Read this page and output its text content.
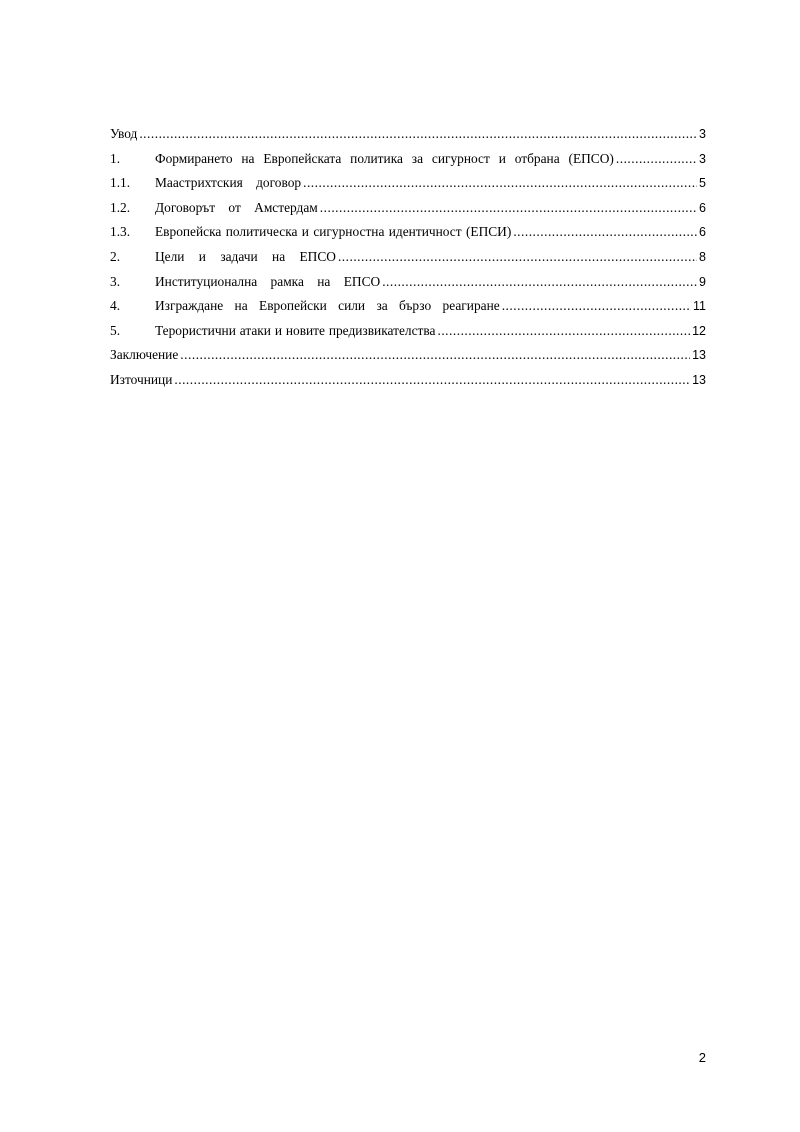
Увод .....	3
1.	Формирането на Европейската политика за сигурност и отбрана (ЕПСО) .....	3
1.1.	Маастрихтския договор .....	5
1.2.	Договорът от Амстердам .....	6
1.3.	Европейска политическа и сигурностна идентичност (ЕПСИ) .....	6
2.	Цели и задачи на ЕПСО .....	8
3.	Институционална рамка на ЕПСО .....	9
4.	Изграждане на Европейски сили за бързо реагиране .....	11
5.	Терористични атаки и новите предизвикателства .....	12
Заключение .....	13
Източници .....	13
2
